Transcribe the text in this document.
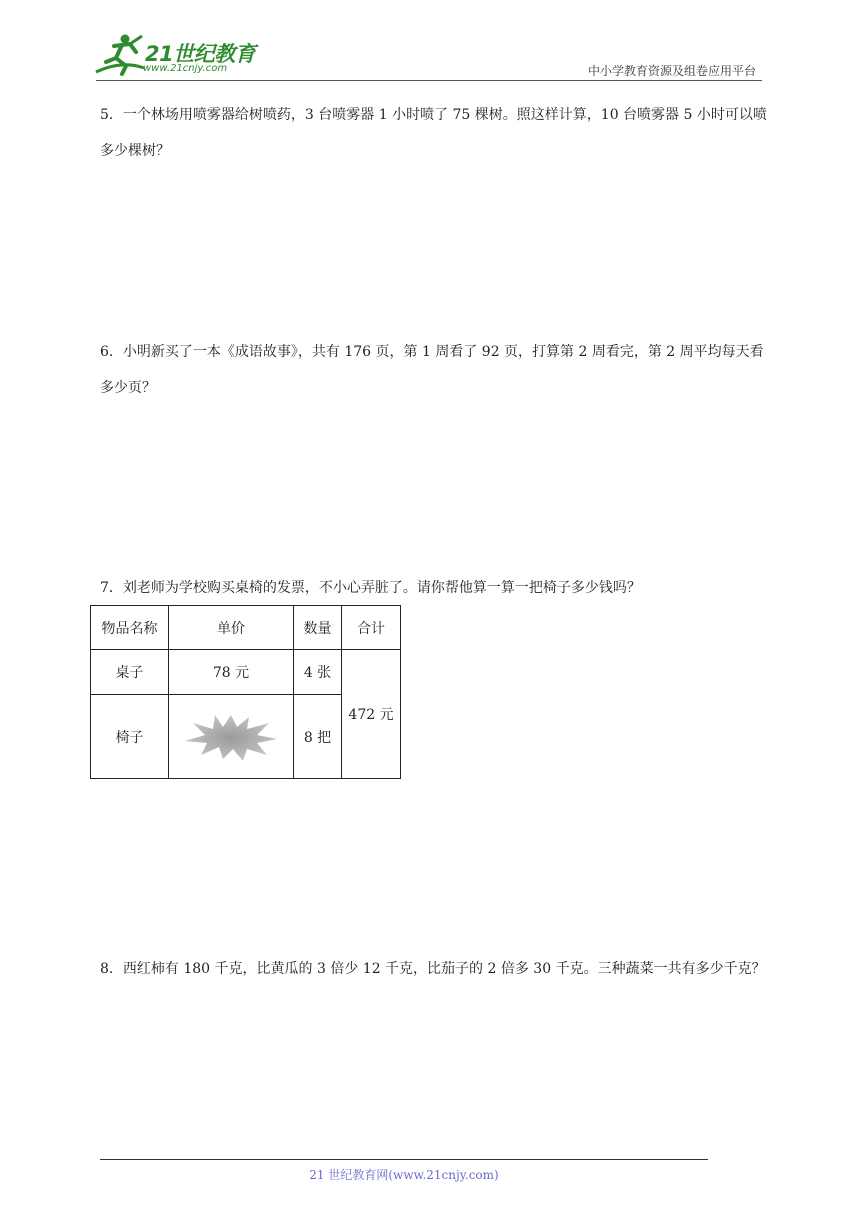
21世纪教育
www.21cnjy.com	中小学教育资源及组卷应用平台
5．一个林场用喷雾器给树喷药，3 台喷雾器 1 小时喷了 75 棵树。照这样计算，10 台喷雾器 5 小时可以喷多少棵树？
6．小明新买了一本《成语故事》，共有 176 页，第 1 周看了 92 页，打算第 2 周看完，第 2 周平均每天看多少页？
7．刘老师为学校购买桌椅的发票，不小心弄脏了。请你帮他算一算一把椅子多少钱吗？
物品名称	单价	数量	合计
桌子	78 元	4 张	472 元
椅子		8 把	
8．西红柿有 180 千克，比黄瓜的 3 倍少 12 千克，比茄子的 2 倍多 30 千克。三种蔬菜一共有多少千克？
21 世纪教育网(www.21cnjy.com)
